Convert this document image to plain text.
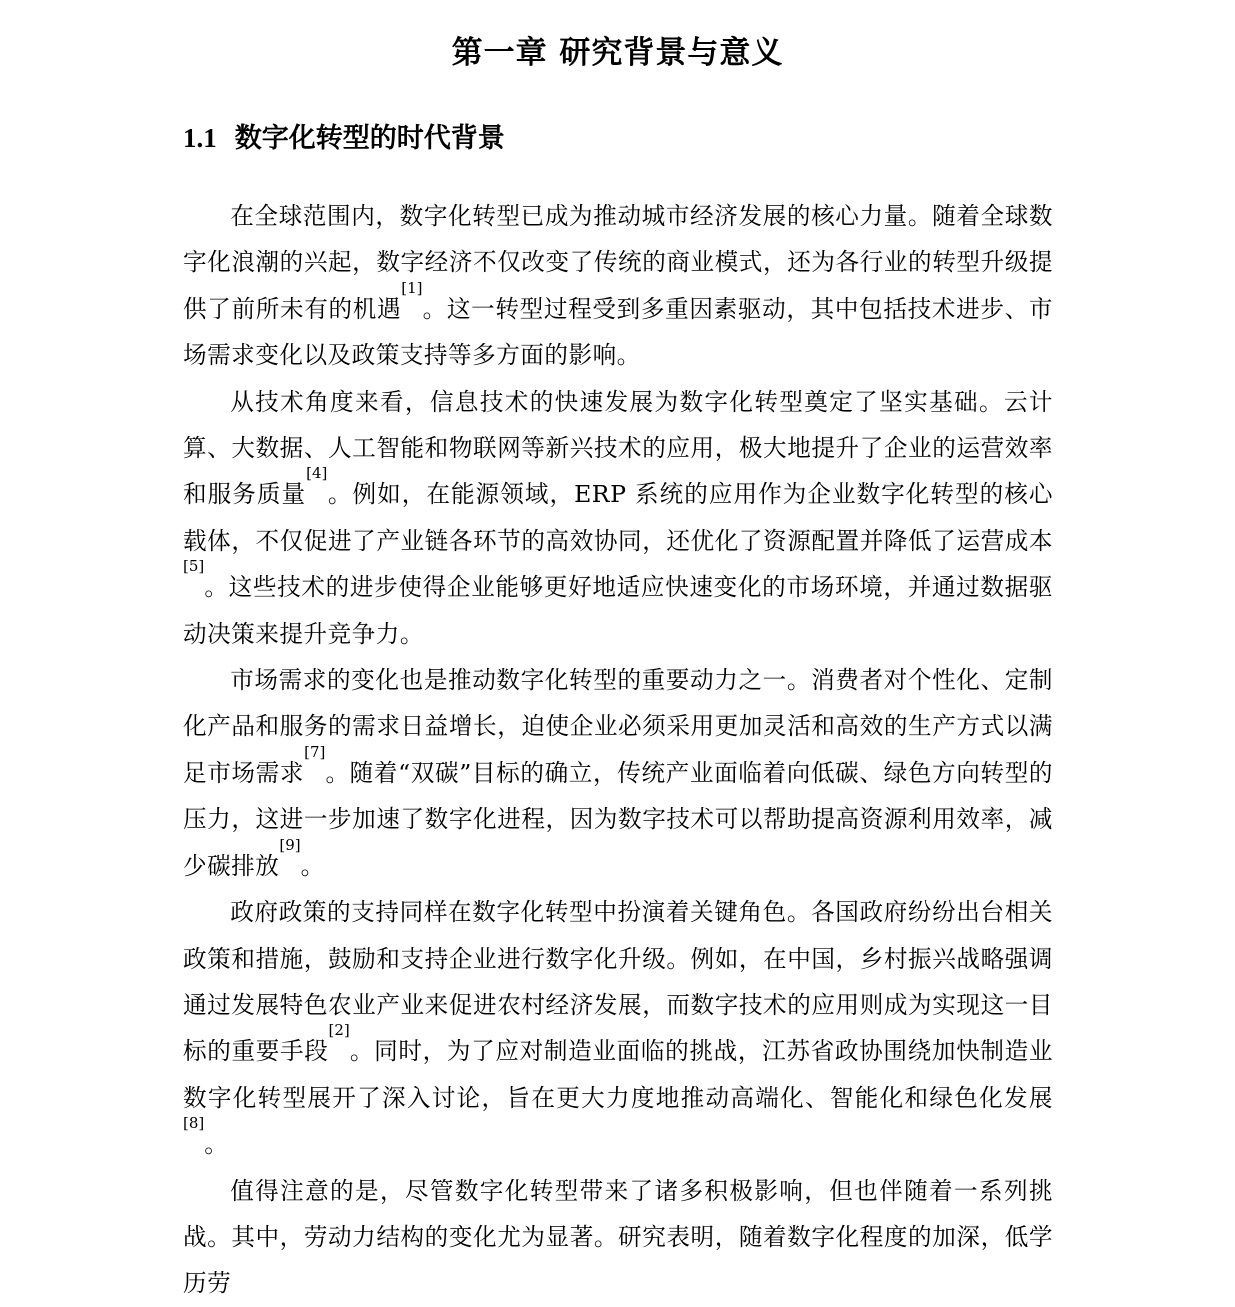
第一章 研究背景与意义
1.1 数字化转型的时代背景

在全球范围内，数字化转型已成为推动城市经济发展的核心力量。随着全球数字化浪潮的兴起，数字经济不仅改变了传统的商业模式，还为各行业的转型升级提供了前所未有的机遇[1]。这一转型过程受到多重因素驱动，其中包括技术进步、市场需求变化以及政策支持等多方面的影响。

从技术角度来看，信息技术的快速发展为数字化转型奠定了坚实基础。云计算、大数据、人工智能和物联网等新兴技术的应用，极大地提升了企业的运营效率和服务质量[4]。例如，在能源领域，ERP 系统的应用作为企业数字化转型的核心载体，不仅促进了产业链各环节的高效协同，还优化了资源配置并降低了运营成本[5]。这些技术的进步使得企业能够更好地适应快速变化的市场环境，并通过数据驱动决策来提升竞争力。

市场需求的变化也是推动数字化转型的重要动力之一。消费者对个性化、定制化产品和服务的需求日益增长，迫使企业必须采用更加灵活和高效的生产方式以满足市场需求[7]。随着“双碳”目标的确立，传统产业面临着向低碳、绿色方向转型的压力，这进一步加速了数字化进程，因为数字技术可以帮助提高资源利用效率，减少碳排放[9]。

政府政策的支持同样在数字化转型中扮演着关键角色。各国政府纷纷出台相关政策和措施，鼓励和支持企业进行数字化升级。例如，在中国，乡村振兴战略强调通过发展特色农业产业来促进农村经济发展，而数字技术的应用则成为实现这一目标的重要手段[2]。同时，为了应对制造业面临的挑战，江苏省政协围绕加快制造业数字化转型展开了深入讨论，旨在更大力度地推动高端化、智能化和绿色化发展[8]。

值得注意的是，尽管数字化转型带来了诸多积极影响，但也伴随着一系列挑战。其中，劳动力结构的变化尤为显著。研究表明，随着数字化程度的加深，低学历劳
